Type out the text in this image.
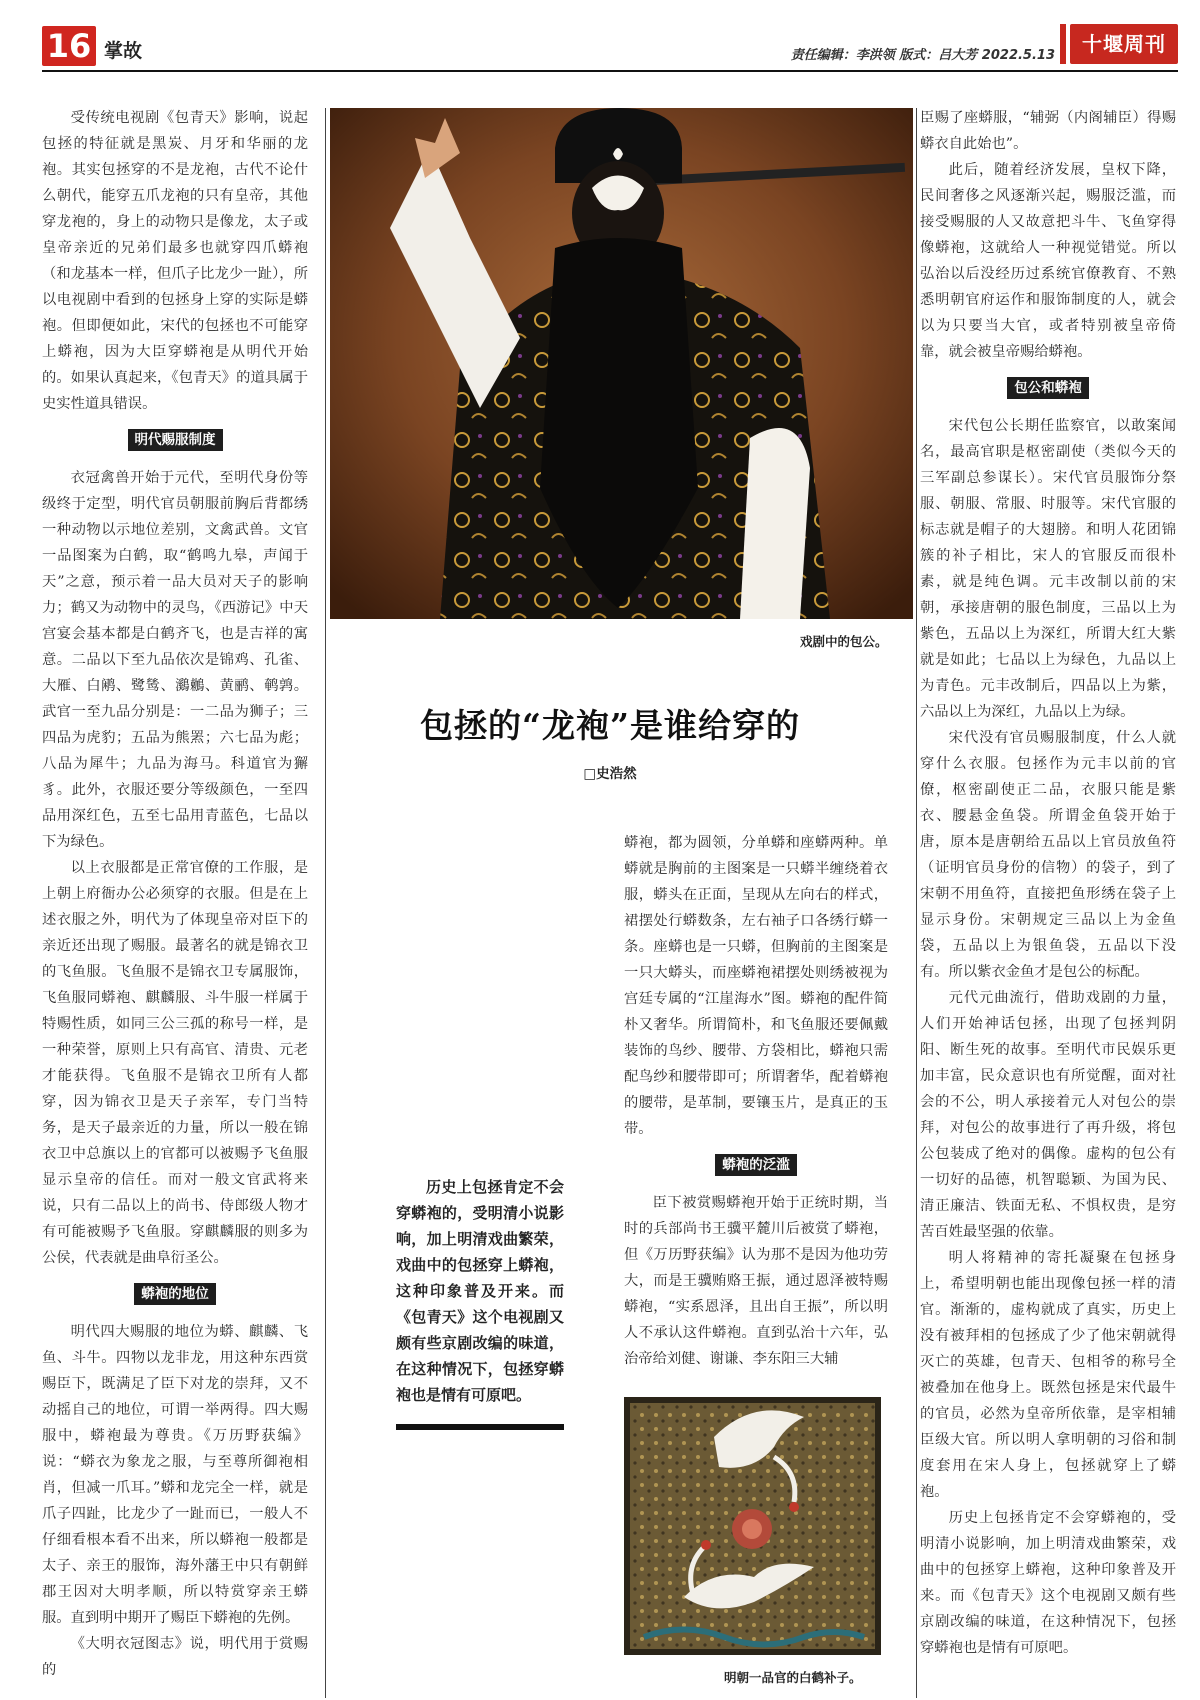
16 掌故	责任编辑：李洪领 版式：吕大芳 2022.5.13	十堰周刊

受传统电视剧《包青天》影响，说起包拯的特征就是黑炭、月牙和华丽的龙袍。其实包拯穿的不是龙袍，古代不论什么朝代，能穿五爪龙袍的只有皇帝，其他穿龙袍的，身上的动物只是像龙，太子或皇帝亲近的兄弟们最多也就穿四爪蟒袍（和龙基本一样，但爪子比龙少一趾），所以电视剧中看到的包拯身上穿的实际是蟒袍。但即便如此，宋代的包拯也不可能穿上蟒袍，因为大臣穿蟒袍是从明代开始的。如果认真起来，《包青天》的道具属于史实性道具错误。

明代赐服制度

衣冠禽兽开始于元代，至明代身份等级终于定型，明代官员朝服前胸后背都绣一种动物以示地位差别，文禽武兽。文官一品图案为白鹤，取“鹤鸣九皋，声闻于天”之意，预示着一品大员对天子的影响力；鹤又为动物中的灵鸟，《西游记》中天宫宴会基本都是白鹤齐飞，也是吉祥的寓意。二品以下至九品依次是锦鸡、孔雀、大雁、白鹇、鹭鸶、鸂鶒、黄鹂、鹌鹑。武官一至九品分别是：一二品为狮子；三四品为虎豹；五品为熊罴；六七品为彪；八品为犀牛；九品为海马。科道官为獬豸。此外，衣服还要分等级颜色，一至四品用深红色，五至七品用青蓝色，七品以下为绿色。

以上衣服都是正常官僚的工作服，是上朝上府衙办公必须穿的衣服。但是在上述衣服之外，明代为了体现皇帝对臣下的亲近还出现了赐服。最著名的就是锦衣卫的飞鱼服。飞鱼服不是锦衣卫专属服饰，飞鱼服同蟒袍、麒麟服、斗牛服一样属于特赐性质，如同三公三孤的称号一样，是一种荣誉，原则上只有高官、清贵、元老才能获得。飞鱼服不是锦衣卫所有人都穿，因为锦衣卫是天子亲军，专门当特务，是天子最亲近的力量，所以一般在锦衣卫中总旗以上的官都可以被赐予飞鱼服显示皇帝的信任。而对一般文官武将来说，只有二品以上的尚书、侍郎级人物才有可能被赐予飞鱼服。穿麒麟服的则多为公侯，代表就是曲阜衍圣公。

蟒袍的地位

明代四大赐服的地位为蟒、麒麟、飞鱼、斗牛。四物以龙非龙，用这种东西赏赐臣下，既满足了臣下对龙的崇拜，又不动摇自己的地位，可谓一举两得。四大赐服中，蟒袍最为尊贵。《万历野获编》说：“蟒衣为象龙之服，与至尊所御袍相肖，但减一爪耳。”蟒和龙完全一样，就是爪子四趾，比龙少了一趾而已，一般人不仔细看根本看不出来，所以蟒袍一般都是太子、亲王的服饰，海外藩王中只有朝鲜郡王因对大明孝顺，所以特赏穿亲王蟒服。直到明中期开了赐臣下蟒袍的先例。

《大明衣冠图志》说，明代用于赏赐的

戏剧中的包公。
包拯的“龙袍”是谁给穿的
□史浩然

历史上包拯肯定不会穿蟒袍的，受明清小说影响，加上明清戏曲繁荣，戏曲中的包拯穿上蟒袍，这种印象普及开来。而《包青天》这个电视剧又颇有些京剧改编的味道，在这种情况下，包拯穿蟒袍也是情有可原吧。

蟒袍，都为圆领，分单蟒和座蟒两种。单蟒就是胸前的主图案是一只蟒半缠绕着衣服，蟒头在正面，呈现从左向右的样式，裙摆处行蟒数条，左右袖子口各绣行蟒一条。座蟒也是一只蟒，但胸前的主图案是一只大蟒头，而座蟒袍裙摆处则绣被视为宫廷专属的“江崖海水”图。蟒袍的配件简朴又奢华。所谓简朴，和飞鱼服还要佩戴装饰的鸟纱、腰带、方袋相比，蟒袍只需配鸟纱和腰带即可；所谓奢华，配着蟒袍的腰带，是革制，要镶玉片，是真正的玉带。

蟒袍的泛滥

臣下被赏赐蟒袍开始于正统时期，当时的兵部尚书王骥平麓川后被赏了蟒袍，但《万历野获编》认为那不是因为他功劳大，而是王骥贿赂王振，通过恩泽被特赐蟒袍，“实系恩泽，且出自王振”，所以明人不承认这件蟒袍。直到弘治十六年，弘治帝给刘健、谢谦、李东阳三大辅

明朝一品官的白鹤补子。

臣赐了座蟒服，“辅弼（内阁辅臣）得赐蟒衣自此始也”。

此后，随着经济发展，皇权下降，民间奢侈之风逐渐兴起，赐服泛滥，而接受赐服的人又故意把斗牛、飞鱼穿得像蟒袍，这就给人一种视觉错觉。所以弘治以后没经历过系统官僚教育、不熟悉明朝官府运作和服饰制度的人，就会以为只要当大官，或者特别被皇帝倚靠，就会被皇帝赐给蟒袍。

包公和蟒袍

宋代包公长期任监察官，以敢案闻名，最高官职是枢密副使（类似今天的三军副总参谋长）。宋代官员服饰分祭服、朝服、常服、时服等。宋代官服的标志就是帽子的大翅膀。和明人花团锦簇的补子相比，宋人的官服反而很朴素，就是纯色调。元丰改制以前的宋朝，承接唐朝的服色制度，三品以上为紫色，五品以上为深红，所谓大红大紫就是如此；七品以上为绿色，九品以上为青色。元丰改制后，四品以上为紫，六品以上为深红，九品以上为绿。

宋代没有官员赐服制度，什么人就穿什么衣服。包拯作为元丰以前的官僚，枢密副使正二品，衣服只能是紫衣、腰悬金鱼袋。所谓金鱼袋开始于唐，原本是唐朝给五品以上官员放鱼符（证明官员身份的信物）的袋子，到了宋朝不用鱼符，直接把鱼形绣在袋子上显示身份。宋朝规定三品以上为金鱼袋，五品以上为银鱼袋，五品以下没有。所以紫衣金鱼才是包公的标配。

元代元曲流行，借助戏剧的力量，人们开始神话包拯，出现了包拯判阴阳、断生死的故事。至明代市民娱乐更加丰富，民众意识也有所觉醒，面对社会的不公，明人承接着元人对包公的崇拜，对包公的故事进行了再升级，将包公包装成了绝对的偶像。虚构的包公有一切好的品德，机智聪颖、为国为民、清正廉洁、铁面无私、不惧权贵，是穷苦百姓最坚强的依靠。

明人将精神的寄托凝聚在包拯身上，希望明朝也能出现像包拯一样的清官。渐渐的，虚构就成了真实，历史上没有被拜相的包拯成了少了他宋朝就得灭亡的英雄，包青天、包相爷的称号全被叠加在他身上。既然包拯是宋代最牛的官员，必然为皇帝所依靠，是宰相辅臣级大官。所以明人拿明朝的习俗和制度套用在宋人身上，包拯就穿上了蟒袍。

历史上包拯肯定不会穿蟒袍的，受明清小说影响，加上明清戏曲繁荣，戏曲中的包拯穿上蟒袍，这种印象普及开来。而《包青天》这个电视剧又颇有些京剧改编的味道，在这种情况下，包拯穿蟒袍也是情有可原吧。
